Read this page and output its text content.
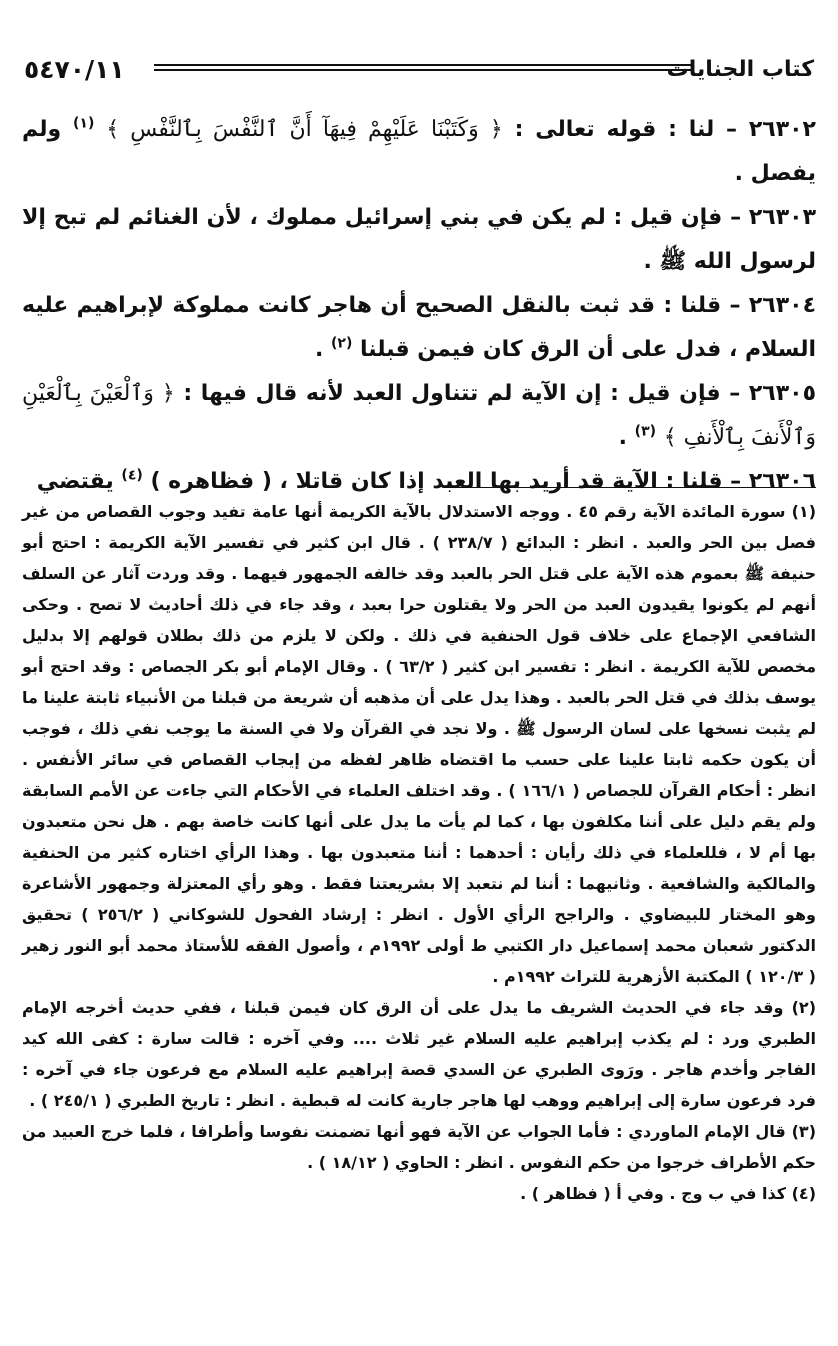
٥٤٧٠/١١	كتاب الجنايات

٢٦٣٠٢ – لنا : قوله تعالى : ﴿ وَكَتَبْنَا عَلَيْهِمْ فِيهَآ أَنَّ ٱلنَّفْسَ بِٱلنَّفْسِ ﴾ $^{(١)}$ ولم يفصل .

٢٦٣٠٣ – فإن قيل : لم يكن في بني إسرائيل مملوك ، لأن الغنائم لم تبح إلا لرسول الله ﷺ .

٢٦٣٠٤ – قلنا : قد ثبت بالنقل الصحيح أن هاجر كانت مملوكة لإبراهيم عليه السلام ، فدل على أن الرق كان فيمن قبلنا $^{(٢)}$ .

٢٦٣٠٥ – فإن قيل : إن الآية لم تتناول العبد لأنه قال فيها : ﴿ وَٱلْعَيْنَ بِٱلْعَيْنِ وَٱلْأَنفَ بِٱلْأَنفِ ﴾ $^{(٣)}$ .

٢٦٣٠٦ – قلنا : الآية قد أريد بها العبد إذا كان قاتلا ، ( فظاهره ) $^{(٤)}$ يقتضي

(١) سورة المائدة الآية رقم ٤٥ . ووجه الاستدلال بالآية الكريمة أنها عامة تفيد وجوب القصاص من غير فصل بين الحر والعبد . انظر : البدائع ( ٢٣٨/٧ ) . قال ابن كثير في تفسير الآية الكريمة : احتج أبو حنيفة ﷺ بعموم هذه الآية على قتل الحر بالعبد وقد خالفه الجمهور فيهما . وقد وردت آثار عن السلف أنهم لم يكونوا يقيدون العبد من الحر ولا يقتلون حرا بعبد ، وقد جاء في ذلك أحاديث لا تصح . وحكى الشافعي الإجماع على خلاف قول الحنفية في ذلك . ولكن لا يلزم من ذلك بطلان قولهم إلا بدليل مخصص للآية الكريمة . انظر : تفسير ابن كثير ( ٦٣/٢ ) . وقال الإمام أبو بكر الجصاص : وقد احتج أبو يوسف بذلك في قتل الحر بالعبد . وهذا يدل على أن مذهبه أن شريعة من قبلنا من الأنبياء ثابتة علينا ما لم يثبت نسخها على لسان الرسول ﷺ . ولا نجد في القرآن ولا في السنة ما يوجب نفي ذلك ، فوجب أن يكون حكمه ثابتا علينا على حسب ما اقتضاه ظاهر لفظه من إيجاب القصاص في سائر الأنفس . انظر : أحكام القرآن للجصاص ( ١٦٦/١ ) . وقد اختلف العلماء في الأحكام التي جاءت عن الأمم السابقة ولم يقم دليل على أننا مكلفون بها ، كما لم يأت ما يدل على أنها كانت خاصة بهم . هل نحن متعبدون بها أم لا ، فللعلماء في ذلك رأيان : أحدهما : أننا متعبدون بها . وهذا الرأي اختاره كثير من الحنفية والمالكية والشافعية . وثانيهما : أننا لم نتعبد إلا بشريعتنا فقط . وهو رأي المعتزلة وجمهور الأشاعرة وهو المختار للبيضاوي . والراجح الرأي الأول . انظر : إرشاد الفحول للشوكاني ( ٢٥٦/٢ ) تحقيق الدكتور شعبان محمد إسماعيل دار الكتبي ط أولى ١٩٩٢م ، وأصول الفقه للأستاذ محمد أبو النور زهير ( ١٢٠/٣ ) المكتبة الأزهرية للتراث ١٩٩٢م .

(٢) وقد جاء في الحديث الشريف ما يدل على أن الرق كان فيمن قبلنا ، ففي حديث أخرجه الإمام الطبري ورد : لم يكذب إبراهيم عليه السلام غير ثلاث .... وفي آخره : قالت سارة : كفى الله كيد الفاجر وأخدم هاجر . ورَوى الطبري عن السدي قصة إبراهيم عليه السلام مع فرعون جاء في آخره : فرد فرعون سارة إلى إبراهيم ووهب لها هاجر جارية كانت له قبطية . انظر : تاريخ الطبري ( ٢٤٥/١ ) .

(٣) قال الإمام الماوردي : فأما الجواب عن الآية فهو أنها تضمنت نفوسا وأطرافا ، فلما خرج العبيد من حكم الأطراف خرجوا من حكم النفوس . انظر : الحاوي ( ١٨/١٢ ) .

(٤) كذا في ب وج . وفي أ ( فظاهر ) .
